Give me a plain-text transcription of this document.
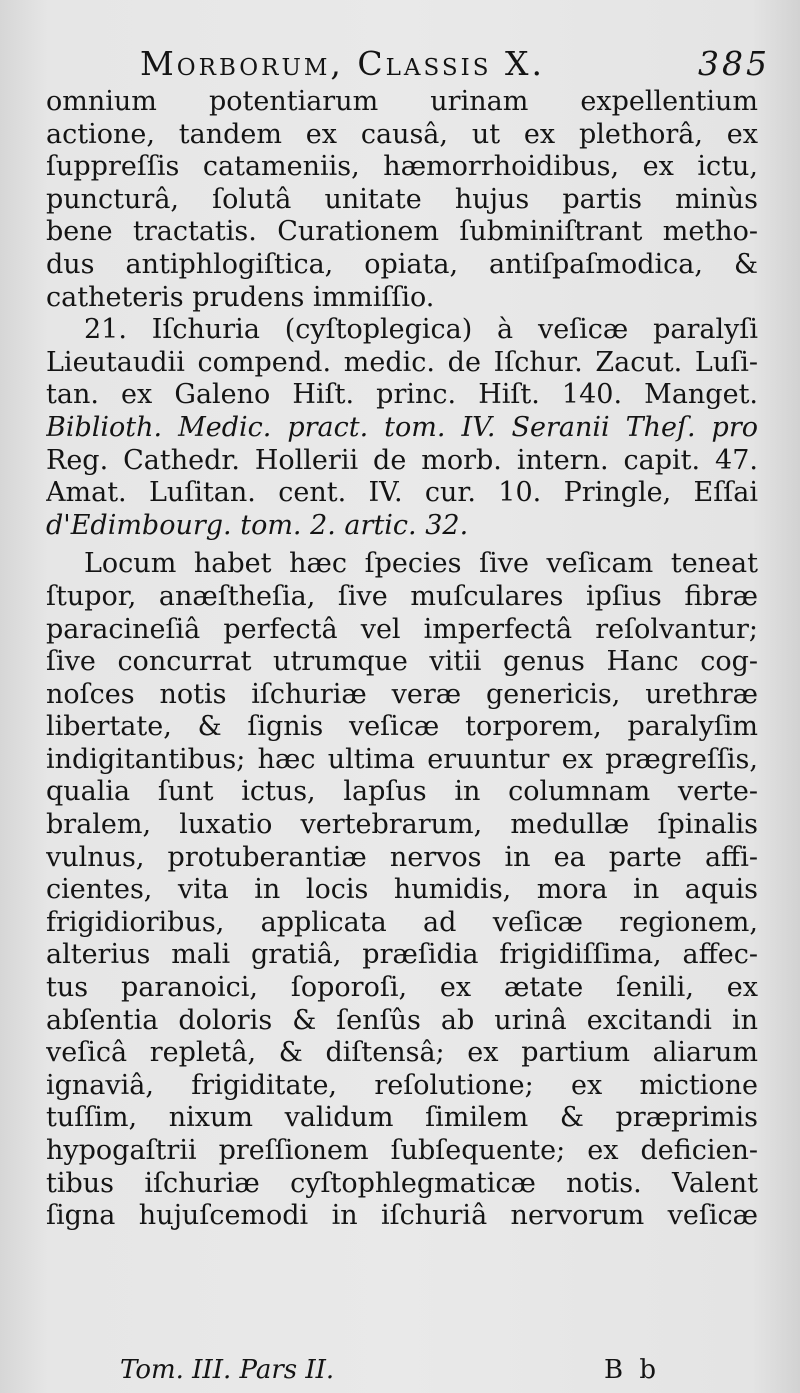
Morborum, Classis X.	385
omnium potentiarum urinam expellentium
actione, tandem ex causâ, ut ex plethorâ, ex
ſuppreſſis catameniis, hæmorrhoidibus, ex ictu,
puncturâ, ſolutâ unitate hujus partis minùs
bene tractatis. Curationem ſubminiſtrant metho-
dus antiphlogiſtica, opiata, antiſpaſmodica, &
catheteris prudens immiſſio.
21. Iſchuria (cyſtoplegica) à veſicæ paralyſi
Lieutaudii compend. medic. de Iſchur. Zacut. Luſi-
tan. ex Galeno Hiſt. princ. Hiſt. 140. Manget.
Biblioth. Medic. pract. tom. IV. Seranii Theſ. pro
Reg. Cathedr. Hollerii de morb. intern. capit. 47.
Amat. Luſitan. cent. IV. cur. 10. Pringle, Eſſai
d'Edimbourg. tom. 2. artic. 32.
Locum habet hæc ſpecies ſive veſicam teneat
ſtupor, anæſtheſia, ſive muſculares ipſius fibræ
paracineſiâ perfectâ vel imperfectâ reſolvantur;
ſive concurrat utrumque vitii genus Hanc cog-
noſces notis iſchuriæ veræ genericis, urethræ
libertate, & ſignis veſicæ torporem, paralyſim
indigitantibus; hæc ultima eruuntur ex prægreſſis,
qualia ſunt ictus, lapſus in columnam verte-
bralem, luxatio vertebrarum, medullæ ſpinalis
vulnus, protuberantiæ nervos in ea parte affi-
cientes, vita in locis humidis, mora in aquis
frigidioribus, applicata ad veſicæ regionem,
alterius mali gratiâ, præſidia frigidiſſima, affec-
tus paranoici, ſoporoſi, ex ætate ſenili, ex
abſentia doloris & ſenſûs ab urinâ excitandi in
veſicâ repletâ, & diſtensâ; ex partium aliarum
ignaviâ, frigiditate, reſolutione; ex mictione
tuſſim, nixum validum ſimilem & præprimis
hypogaſtrii preſſionem ſubſequente; ex deficien-
tibus iſchuriæ cyſtophlegmaticæ notis. Valent
ſigna hujuſcemodi in iſchuriâ nervorum veſicæ
Tom. III. Pars II.	B b
